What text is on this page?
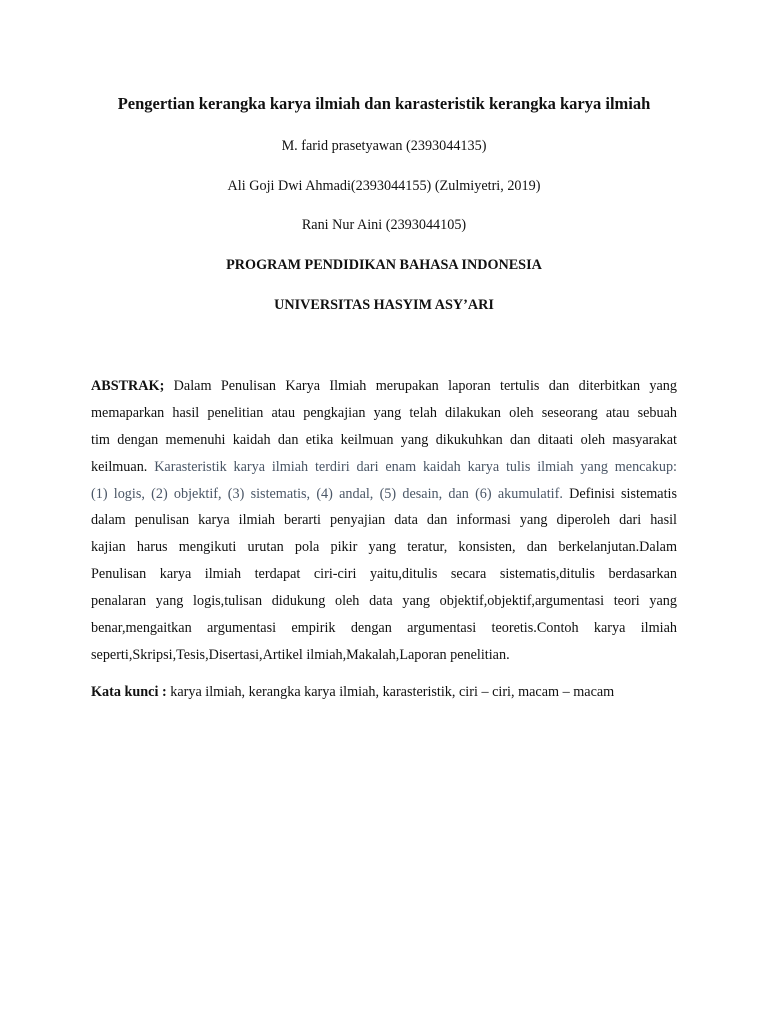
Pengertian kerangka karya ilmiah dan karasteristik kerangka karya ilmiah
M. farid prasetyawan (2393044135)
Ali Goji Dwi Ahmadi(2393044155) (Zulmiyetri, 2019)
Rani Nur Aini (2393044105)
PROGRAM PENDIDIKAN BAHASA INDONESIA
UNIVERSITAS HASYIM ASY’ARI
ABSTRAK; Dalam Penulisan Karya Ilmiah merupakan laporan tertulis dan diterbitkan yang
memaparkan hasil penelitian atau pengkajian yang telah dilakukan oleh seseorang atau sebuah
tim dengan memenuhi kaidah dan etika keilmuan yang dikukuhkan dan ditaati oleh masyarakat
keilmuan. Karasteristik karya ilmiah terdiri dari enam kaidah karya tulis ilmiah yang mencakup:
(1) logis, (2) objektif, (3) sistematis, (4) andal, (5) desain, dan (6) akumulatif. Definisi sistematis
dalam penulisan karya ilmiah berarti penyajian data dan informasi yang diperoleh dari hasil
kajian harus mengikuti urutan pola pikir yang teratur, konsisten, dan berkelanjutan.Dalam
Penulisan karya ilmiah terdapat ciri-ciri yaitu,ditulis secara sistematis,ditulis berdasarkan
penalaran yang logis,tulisan didukung oleh data yang objektif,objektif,argumentasi teori yang
benar,mengaitkan argumentasi empirik dengan argumentasi teoretis.Contoh karya ilmiah
seperti,Skripsi,Tesis,Disertasi,Artikel ilmiah,Makalah,Laporan penelitian.
Kata kunci : karya ilmiah, kerangka karya ilmiah, karasteristik, ciri – ciri, macam – macam
